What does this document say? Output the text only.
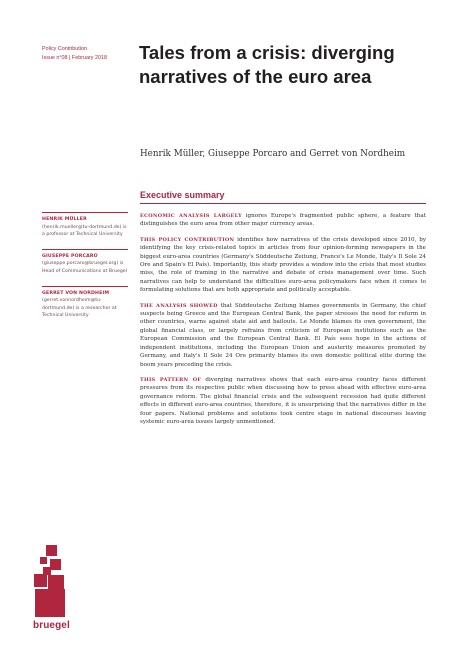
Policy Contribution
Issue n°08 | February 2018	Tales from a crisis: diverging narratives of the euro area
Henrik Müller, Giuseppe Porcaro and Gerret von Nordheim
Executive summary
HENRIK MÜLLER
(henrik.mueller@tu-dortmund.de) is a professor at Technical University
GIUSEPPE PORCARO
(giuseppe.porcaro@bruegel.org) is Head of Communications at Bruegel
GERRET VON NORDHEIM
(gerret.vonnordheim@tu-dortmund.de) is a researcher at Technical University

ECONOMIC ANALYSIS LARGELY ignores Europe's fragmented public sphere, a feature that distinguishes the euro area from other major currency areas.

THIS POLICY CONTRIBUTION identifies how narratives of the crisis developed since 2010, by identifying the key crisis-related topics in articles from four opinion-forming newspapers in the biggest euro-area countries (Germany's Süddeutsche Zeitung, France's Le Monde, Italy's Il Sole 24 Ore and Spain's El País). Importantly, this study provides a window into the crisis that most studies miss, the role of framing in the narrative and debate of crisis management over time. Such narratives can help to understand the difficulties euro-area policymakers face when it comes to formulating solutions that are both appropriate and politically acceptable.

THE ANALYSIS SHOWED that Süddeutsche Zeitung blames governments in Germany, the chief suspects being Greece and the European Central Bank, the paper stresses the need for reform in other countries, warns against state aid and bailouts. Le Monde blames its own government, the global financial class, or largely refrains from criticism of European institutions such as the European Commission and the European Central Bank. El País sees hope in the actions of independent institutions, including the European Union and austerity measures promoted by Germany, and Italy's Il Sole 24 Ore primarily blames its own domestic political elite during the boom years preceding the crisis.

THIS PATTERN OF diverging narratives shows that each euro-area country faces different pressures from its respective public when discussing how to press ahead with effective euro-area governance reform. The global financial crisis and the subsequent recession had quite different effects in different euro-area countries, therefore, it is unsurprising that the narratives differ in the four papers. National problems and solutions took centre stage in national discourses leaving systemic euro-area issues largely unmentioned.

bruegel
